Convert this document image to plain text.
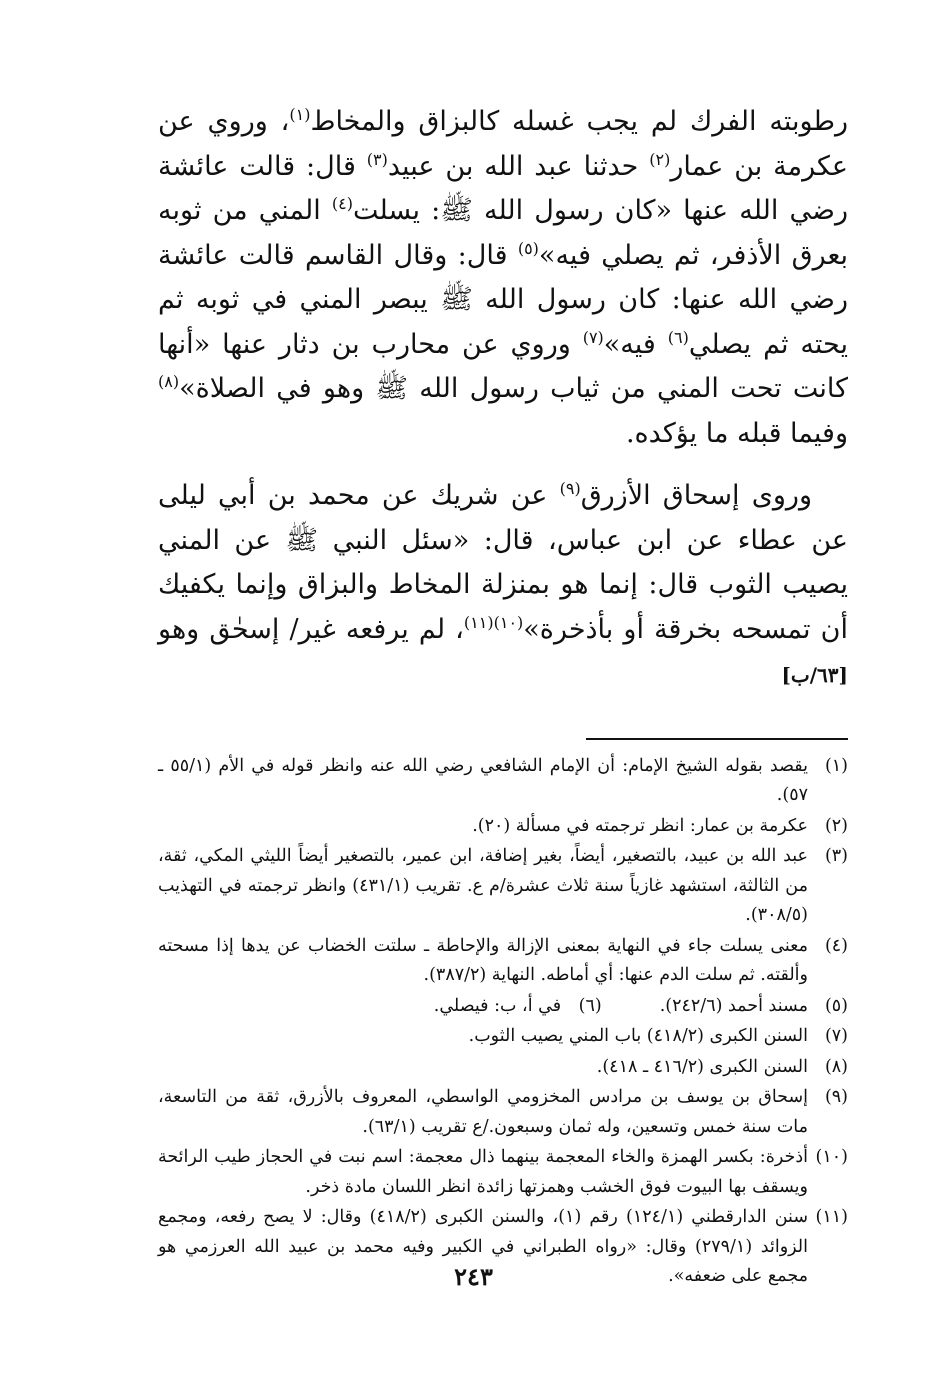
رطوبته الفرك لم يجب غسله كالبزاق والمخاط$^{(١)}$، وروي عن عكرمة بن عمار$^{(٢)}$ حدثنا عبد الله بن عبيد$^{(٣)}$ قال: قالت عائشة رضي الله عنها «كان رسول الله ﷺ: يسلت$^{(٤)}$ المني من ثوبه بعرق الأذفر، ثم يصلي فيه»$^{(٥)}$ قال: وقال القاسم قالت عائشة رضي الله عنها: كان رسول الله ﷺ يبصر المني في ثوبه ثم يحته ثم يصلي$^{(٦)}$ فيه»$^{(٧)}$ وروي عن محارب بن دثار عنها «أنها كانت تحت المني من ثياب رسول الله ﷺ وهو في الصلاة»$^{(٨)}$ وفيما قبله ما يؤكده.

وروى إسحاق الأزرق$^{(٩)}$ عن شريك عن محمد بن أبي ليلى عن عطاء عن ابن عباس، قال: «سئل النبي ﷺ عن المني يصيب الثوب قال: إنما هو بمنزلة المخاط والبزاق وإنما يكفيك أن تمسحه بخرقة أو بأذخرة»$^{(١٠)(١١)}$، لم يرفعه غير/ إسحٰق وهو [٦٣/ب]

(١)
يقصد بقوله الشيخ الإمام: أن الإمام الشافعي رضي الله عنه وانظر قوله في الأم (٥٥/١ ـ ٥٧).
(٢)
عكرمة بن عمار: انظر ترجمته في مسألة (٢٠).
(٣)
عبد الله بن عبيد، بالتصغير، أيضاً، بغير إضافة، ابن عمير، بالتصغير أيضاً الليثي المكي، ثقة، من الثالثة، استشهد غازياً سنة ثلاث عشرة/م ع. تقريب (٤٣١/١) وانظر ترجمته في التهذيب (٣٠٨/٥).
(٤)
معنى يسلت جاء في النهاية بمعنى الإزالة والإحاطة ـ سلتت الخضاب عن يدها إذا مسحته وألقته. ثم سلت الدم عنها: أي أماطه. النهاية (٣٨٧/٢).
(٥)
مسند أحمد (٢٤٢/٦).
(٦) في أ، ب: فيصلي.
(٧)
السنن الكبرى (٤١٨/٢) باب المني يصيب الثوب.
(٨)
السنن الكبرى (٤١٦/٢ ـ ٤١٨).
(٩)
إسحاق بن يوسف بن مرادس المخزومي الواسطي، المعروف بالأزرق، ثقة من التاسعة، مات سنة خمس وتسعين، وله ثمان وسبعون./ع تقريب (٦٣/١).
(١٠)
أذخرة: بكسر الهمزة والخاء المعجمة بينهما ذال معجمة: اسم نبت في الحجاز طيب الرائحة ويسقف بها البيوت فوق الخشب وهمزتها زائدة انظر اللسان مادة ذخر.
(١١)
سنن الدارقطني (١٢٤/١) رقم (١)، والسنن الكبرى (٤١٨/٢) وقال: لا يصح رفعه، ومجمع الزوائد (٢٧٩/١) وقال: «رواه الطبراني في الكبير وفيه محمد بن عبيد الله العرزمي هو مجمع على ضعفه».
٢٤٣
